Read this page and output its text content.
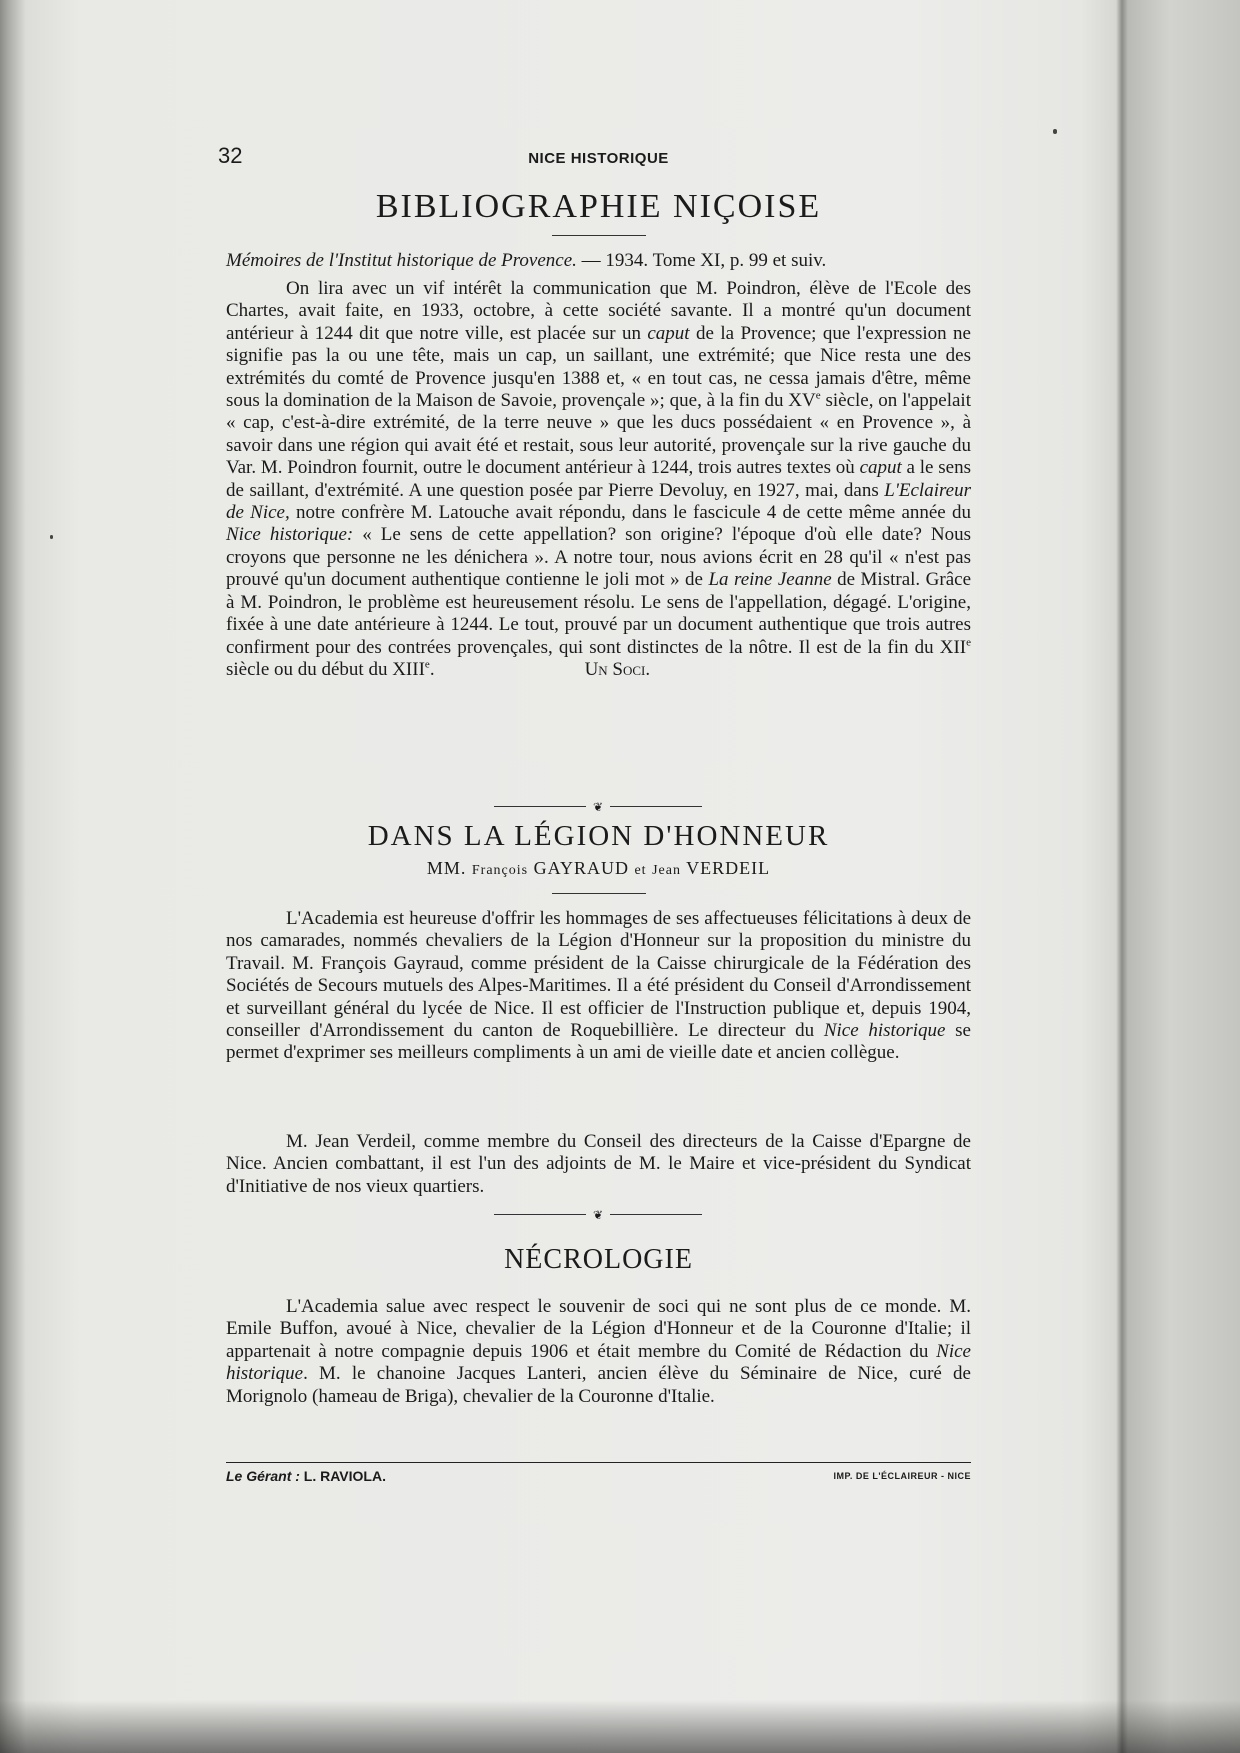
32	NICE HISTORIQUE
BIBLIOGRAPHIE NIÇOISE

Mémoires de l'Institut historique de Provence. — 1934. Tome XI, p. 99 et suiv.

On lira avec un vif intérêt la communication que M. Poindron, élève de l'Ecole des Chartes, avait faite, en 1933, octobre, à cette société savante. Il a montré qu'un document antérieur à 1244 dit que notre ville, est placée sur un caput de la Provence; que l'expression ne signifie pas la ou une tête, mais un cap, un saillant, une extrémité; que Nice resta une des extrémités du comté de Provence jusqu'en 1388 et, « en tout cas, ne cessa jamais d'être, même sous la domination de la Maison de Savoie, provençale »; que, à la fin du XVe siècle, on l'appelait « cap, c'est-à-dire extrémité, de la terre neuve » que les ducs possédaient « en Provence », à savoir dans une région qui avait été et restait, sous leur autorité, provençale sur la rive gauche du Var. M. Poindron fournit, outre le document antérieur à 1244, trois autres textes où caput a le sens de saillant, d'extrémité. A une question posée par Pierre Devoluy, en 1927, mai, dans L'Eclaireur de Nice, notre confrère M. Latouche avait répondu, dans le fascicule 4 de cette même année du Nice historique: « Le sens de cette appellation? son origine? l'époque d'où elle date? Nous croyons que personne ne les dénichera ». A notre tour, nous avions écrit en 28 qu'il « n'est pas prouvé qu'un document authentique contienne le joli mot » de La reine Jeanne de Mistral. Grâce à M. Poindron, le problème est heureusement résolu. Le sens de l'appellation, dégagé. L'origine, fixée à une date antérieure à 1244. Le tout, prouvé par un document authentique que trois autres confirment pour des contrées provençales, qui sont distinctes de la nôtre. Il est de la fin du XIIe siècle ou du début du XIIIe.	Un Soci.

❦
DANS LA LÉGION D'HONNEUR
MM. François GAYRAUD et Jean VERDEIL

L'Academia est heureuse d'offrir les hommages de ses affectueuses félicitations à deux de nos camarades, nommés chevaliers de la Légion d'Honneur sur la proposition du ministre du Travail. M. François Gayraud, comme président de la Caisse chirurgicale de la Fédération des Sociétés de Secours mutuels des Alpes-Maritimes. Il a été président du Conseil d'Arrondissement et surveillant général du lycée de Nice. Il est officier de l'Instruction publique et, depuis 1904, conseiller d'Arrondissement du canton de Roquebillière. Le directeur du Nice historique se permet d'exprimer ses meilleurs compliments à un ami de vieille date et ancien collègue.

M. Jean Verdeil, comme membre du Conseil des directeurs de la Caisse d'Epargne de Nice. Ancien combattant, il est l'un des adjoints de M. le Maire et vice-président du Syndicat d'Initiative de nos vieux quartiers.

❦
NÉCROLOGIE

L'Academia salue avec respect le souvenir de soci qui ne sont plus de ce monde. M. Emile Buffon, avoué à Nice, chevalier de la Légion d'Honneur et de la Couronne d'Italie; il appartenait à notre compagnie depuis 1906 et était membre du Comité de Rédaction du Nice historique. M. le chanoine Jacques Lanteri, ancien élève du Séminaire de Nice, curé de Morignolo (hameau de Briga), chevalier de la Couronne d'Italie.

Le Gérant : L. RAVIOLA.	IMP. DE L'ÉCLAIREUR - NICE
